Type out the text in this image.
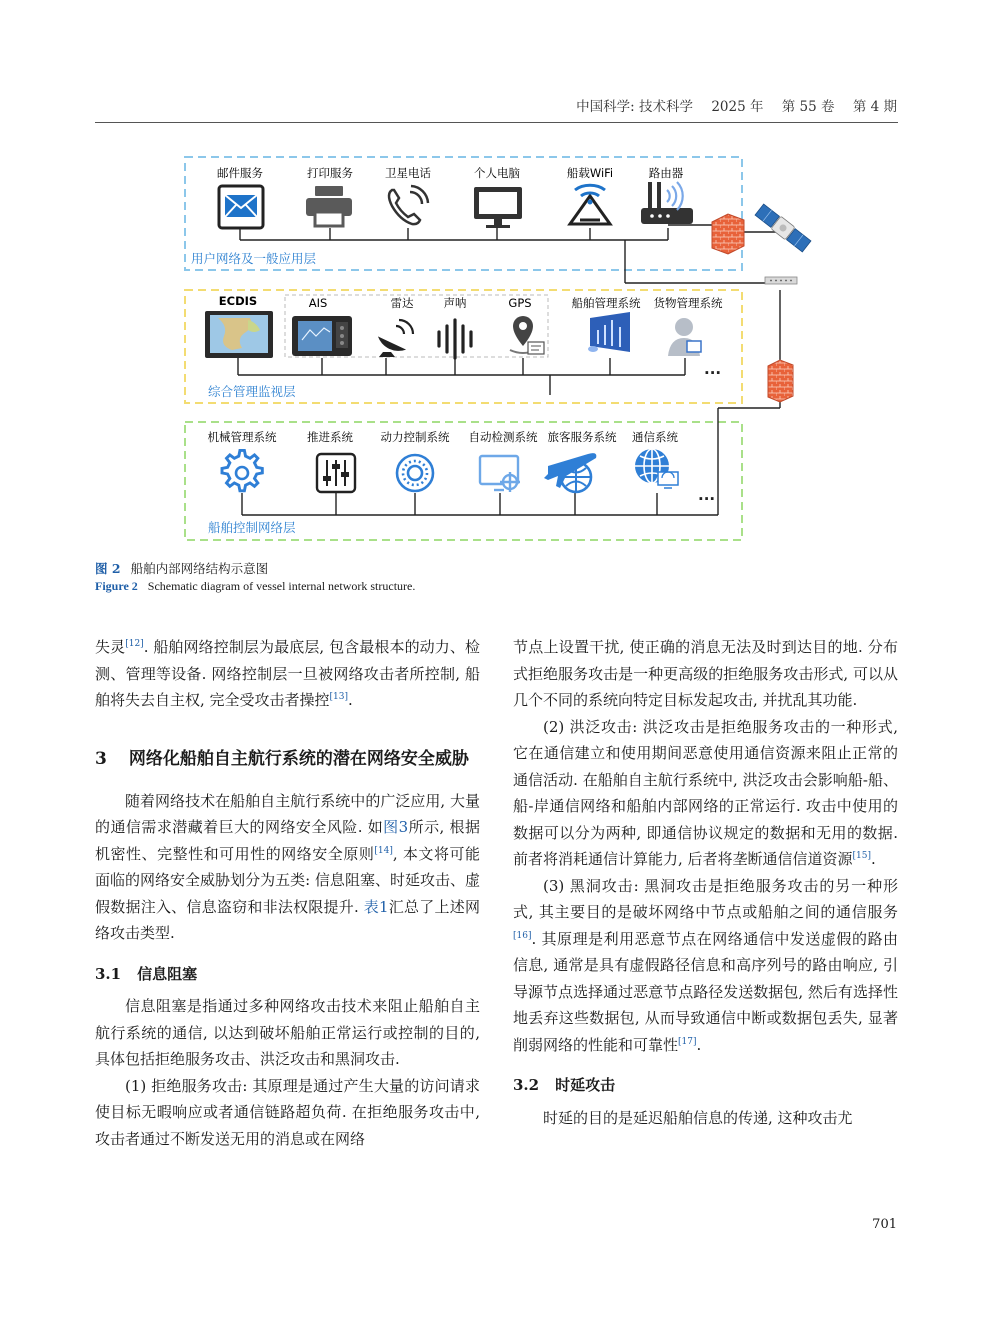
中国科学: 技术科学 2025 年 第 55 卷 第 4 期
...
...
邮件服务	打印服务	卫星电话	个人电脑	船载WiFi	路由器
ECDIS	AIS	雷达	声呐	GPS	船舶管理系统 货物管理系统
机械管理系统	推进系统 动力控制系统 自动检测系统 旅客服务系统 通信系统
用户网络及一般应用层
综合管理监视层
船舶控制网络层
图 2 船舶内部网络结构示意图
Figure 2 Schematic diagram of vessel internal network structure.

失灵[12]. 船舶网络控制层为最底层, 包含最根本的动力、检测、管理等设备. 网络控制层一旦被网络攻击者所控制, 船舶将失去自主权, 完全受攻击者操控[13].

3 网络化船舶自主航行系统的潜在网络安全威胁

随着网络技术在船舶自主航行系统中的广泛应用, 大量的通信需求潜藏着巨大的网络安全风险. 如图3所示, 根据机密性、完整性和可用性的网络安全原则[14], 本文将可能面临的网络安全威胁划分为五类: 信息阻塞、时延攻击、虚假数据注入、信息盗窃和非法权限提升. 表1汇总了上述网络攻击类型.

3.1 信息阻塞

信息阻塞是指通过多种网络攻击技术来阻止船舶自主航行系统的通信, 以达到破坏船舶正常运行或控制的目的, 具体包括拒绝服务攻击、洪泛攻击和黑洞攻击.

(1) 拒绝服务攻击: 其原理是通过产生大量的访问请求使目标无暇响应或者通信链路超负荷. 在拒绝服务攻击中, 攻击者通过不断发送无用的消息或在网络

节点上设置干扰, 使正确的消息无法及时到达目的地. 分布式拒绝服务攻击是一种更高级的拒绝服务攻击形式, 可以从几个不同的系统向特定目标发起攻击, 并扰乱其功能.

(2) 洪泛攻击: 洪泛攻击是拒绝服务攻击的一种形式, 它在通信建立和使用期间恶意使用通信资源来阻止正常的通信活动. 在船舶自主航行系统中, 洪泛攻击会影响船-船、船-岸通信网络和船舶内部网络的正常运行. 攻击中使用的数据可以分为两种, 即通信协议规定的数据和无用的数据. 前者将消耗通信计算能力, 后者将垄断通信信道资源[15].

(3) 黑洞攻击: 黑洞攻击是拒绝服务攻击的另一种形式, 其主要目的是破坏网络中节点或船舶之间的通信服务[16]. 其原理是利用恶意节点在网络通信中发送虚假的路由信息, 通常是具有虚假路径信息和高序列号的路由响应, 引导源节点选择通过恶意节点路径发送数据包, 然后有选择性地丢弃这些数据包, 从而导致通信中断或数据包丢失, 显著削弱网络的性能和可靠性[17].

3.2 时延攻击

时延的目的是延迟船舶信息的传递, 这种攻击尤

701
